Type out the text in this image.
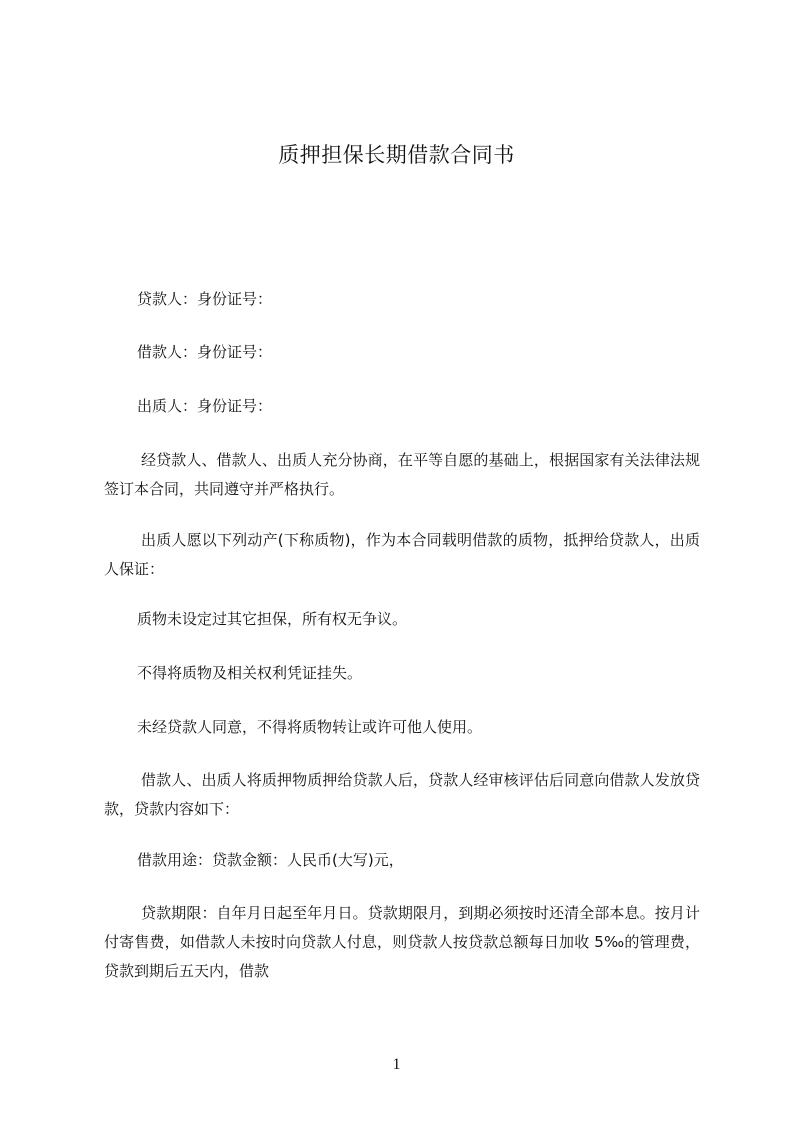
质押担保长期借款合同书
贷款人：身份证号：
借款人：身份证号：
出质人：身份证号：
经贷款人、借款人、出质人充分协商，在平等自愿的基础上，根据国家有关法律法规签订本合同，共同遵守并严格执行。
出质人愿以下列动产(下称质物)，作为本合同载明借款的质物，抵押给贷款人，出质人保证：
质物未设定过其它担保，所有权无争议。
不得将质物及相关权利凭证挂失。
未经贷款人同意，不得将质物转让或许可他人使用。
借款人、出质人将质押物质押给贷款人后，贷款人经审核评估后同意向借款人发放贷款，贷款内容如下：
借款用途：贷款金额：人民币(大写)元，
贷款期限：自年月日起至年月日。贷款期限月，到期必须按时还清全部本息。按月计付寄售费，如借款人未按时向贷款人付息，则贷款人按贷款总额每日加收 5‰的管理费，贷款到期后五天内，借款
1
